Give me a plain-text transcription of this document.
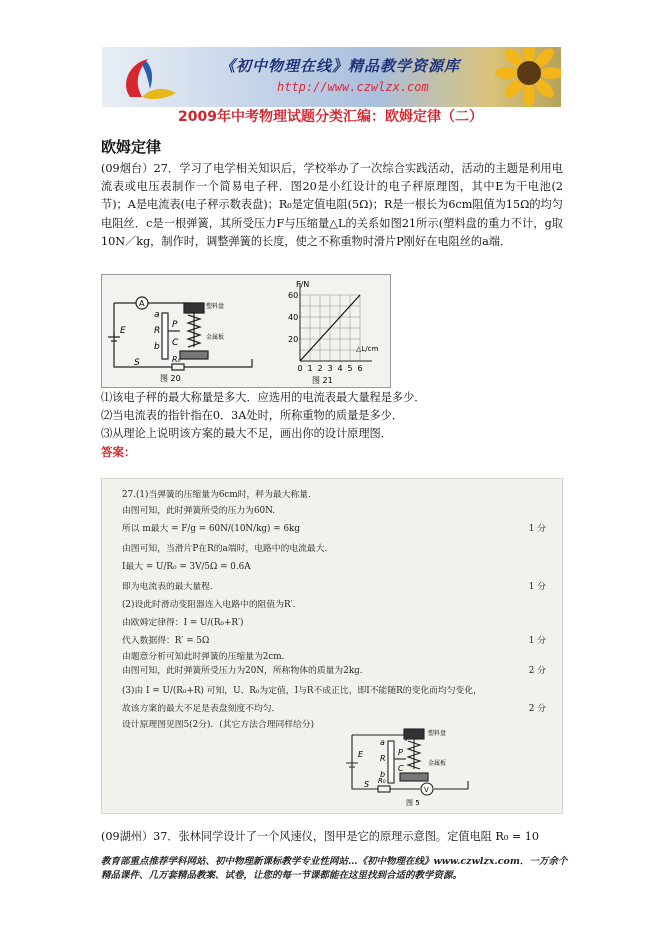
《初中物理在线》精品教学资源库
http://www.czwlzx.com
2009年中考物理试题分类汇编：欧姆定律（二）
欧姆定律
(09烟台）27．学习了电学相关知识后，学校举办了一次综合实践活动，活动的主题是利用电流表或电压表制作一个简易电子秤．图20是小红设计的电子秤原理图，其中E为干电池(2节)；A是电流表(电子秤示数表盘)；R₀是定值电阻(5Ω)；R是一根长为6cm阻值为15Ω的均匀电阻丝．c是一根弹簧，其所受压力F与压缩量△L的关系如图21所示(塑料盘的重力不计，g取10N／kg，制作时，调整弹簧的长度，使之不称重物时滑片P刚好在电阻丝的a端．
A
E
S	R₀
a
R
b
P
C
塑料盘
金属板
图 20	图 21
F/N
△L/cm
0 1 2 3 4 5 6
20
40
60
⑴该电子秤的最大称量是多大．应选用的电流表最大量程是多少．
⑵当电流表的指针指在0．3A处时，所称重物的质量是多少．
⑶从理论上说明该方案的最大不足，画出你的设计原理图．
答案：
27.(1)当弹簧的压缩量为6cm时，秤为最大称量．
由图可知，此时弹簧所受的压力为60N.
所以 m最大 = F/g = 60N/(10N/kg) = 6kg	1 分
由图可知，当滑片P在R的a端时，电路中的电流最大．
I最大 = U/R₀ = 3V/5Ω = 0.6A
即为电流表的最大量程．	1 分
(2)设此时滑动变阻器连入电路中的阻值为R′.
由欧姆定律得：I = U/(R₀+R′)
代入数据得：R′ = 5Ω	1 分
由题意分析可知此时弹簧的压缩量为2cm.
由图可知，此时弹簧所受压力为20N，所称物体的质量为2kg.	2 分
(3)由 I = U/(R₀+R) 可知，U、R₀为定值，I与R不成正比，即I不能随R的变化而均匀变化，
故该方案的最大不足是表盘刻度不均匀．	2 分
设计原理图见图5(2分)．(其它方法合理同样给分)
V
E
S R₀
a
R
b
P
C
塑料盘
金属板
图 5
(09湖州）37．张林同学设计了一个风速仪，图甲是它的原理示意图。定值电阻 R₀ = 10
教育部重点推荐学科网站、初中物理新课标教学专业性网站…《初中物理在线》www.czwlzx.com．一万余个精品课件、几万套精品教案、试卷，让您的每一节课都能在这里找到合适的教学资源。
